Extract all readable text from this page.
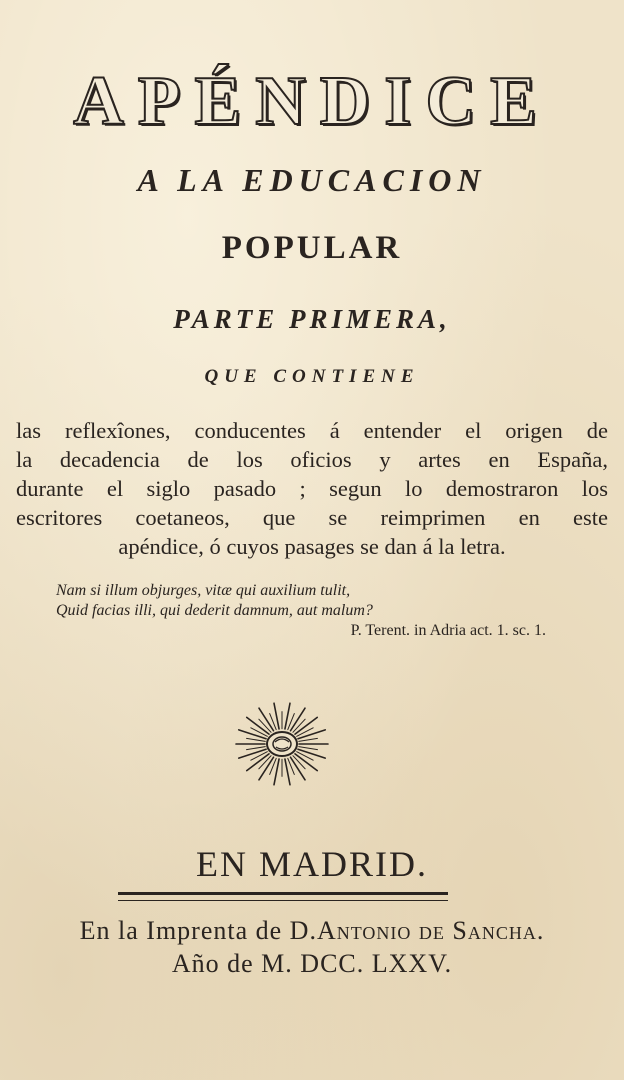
APÉNDICE
A LA EDUCACION
POPULAR
PARTE PRIMERA,
QUE CONTIENE
las reflexîones, conducentes á entender el origen de
la decadencia de los oficios y artes en España,
durante el siglo pasado ; segun lo demostraron los
escritores coetaneos, que se reimprimen en este
apéndice, ó cuyos pasages se dan á la letra.
Nam si illum objurges, vitæ qui auxilium tulit,
Quid facias illi, qui dederit damnum, aut malum?
P. Terent. in Adria act. 1. sc. 1.
EN MADRID.
En la Imprenta de D.Antonio de Sancha.
Año de M. DCC. LXXV.
